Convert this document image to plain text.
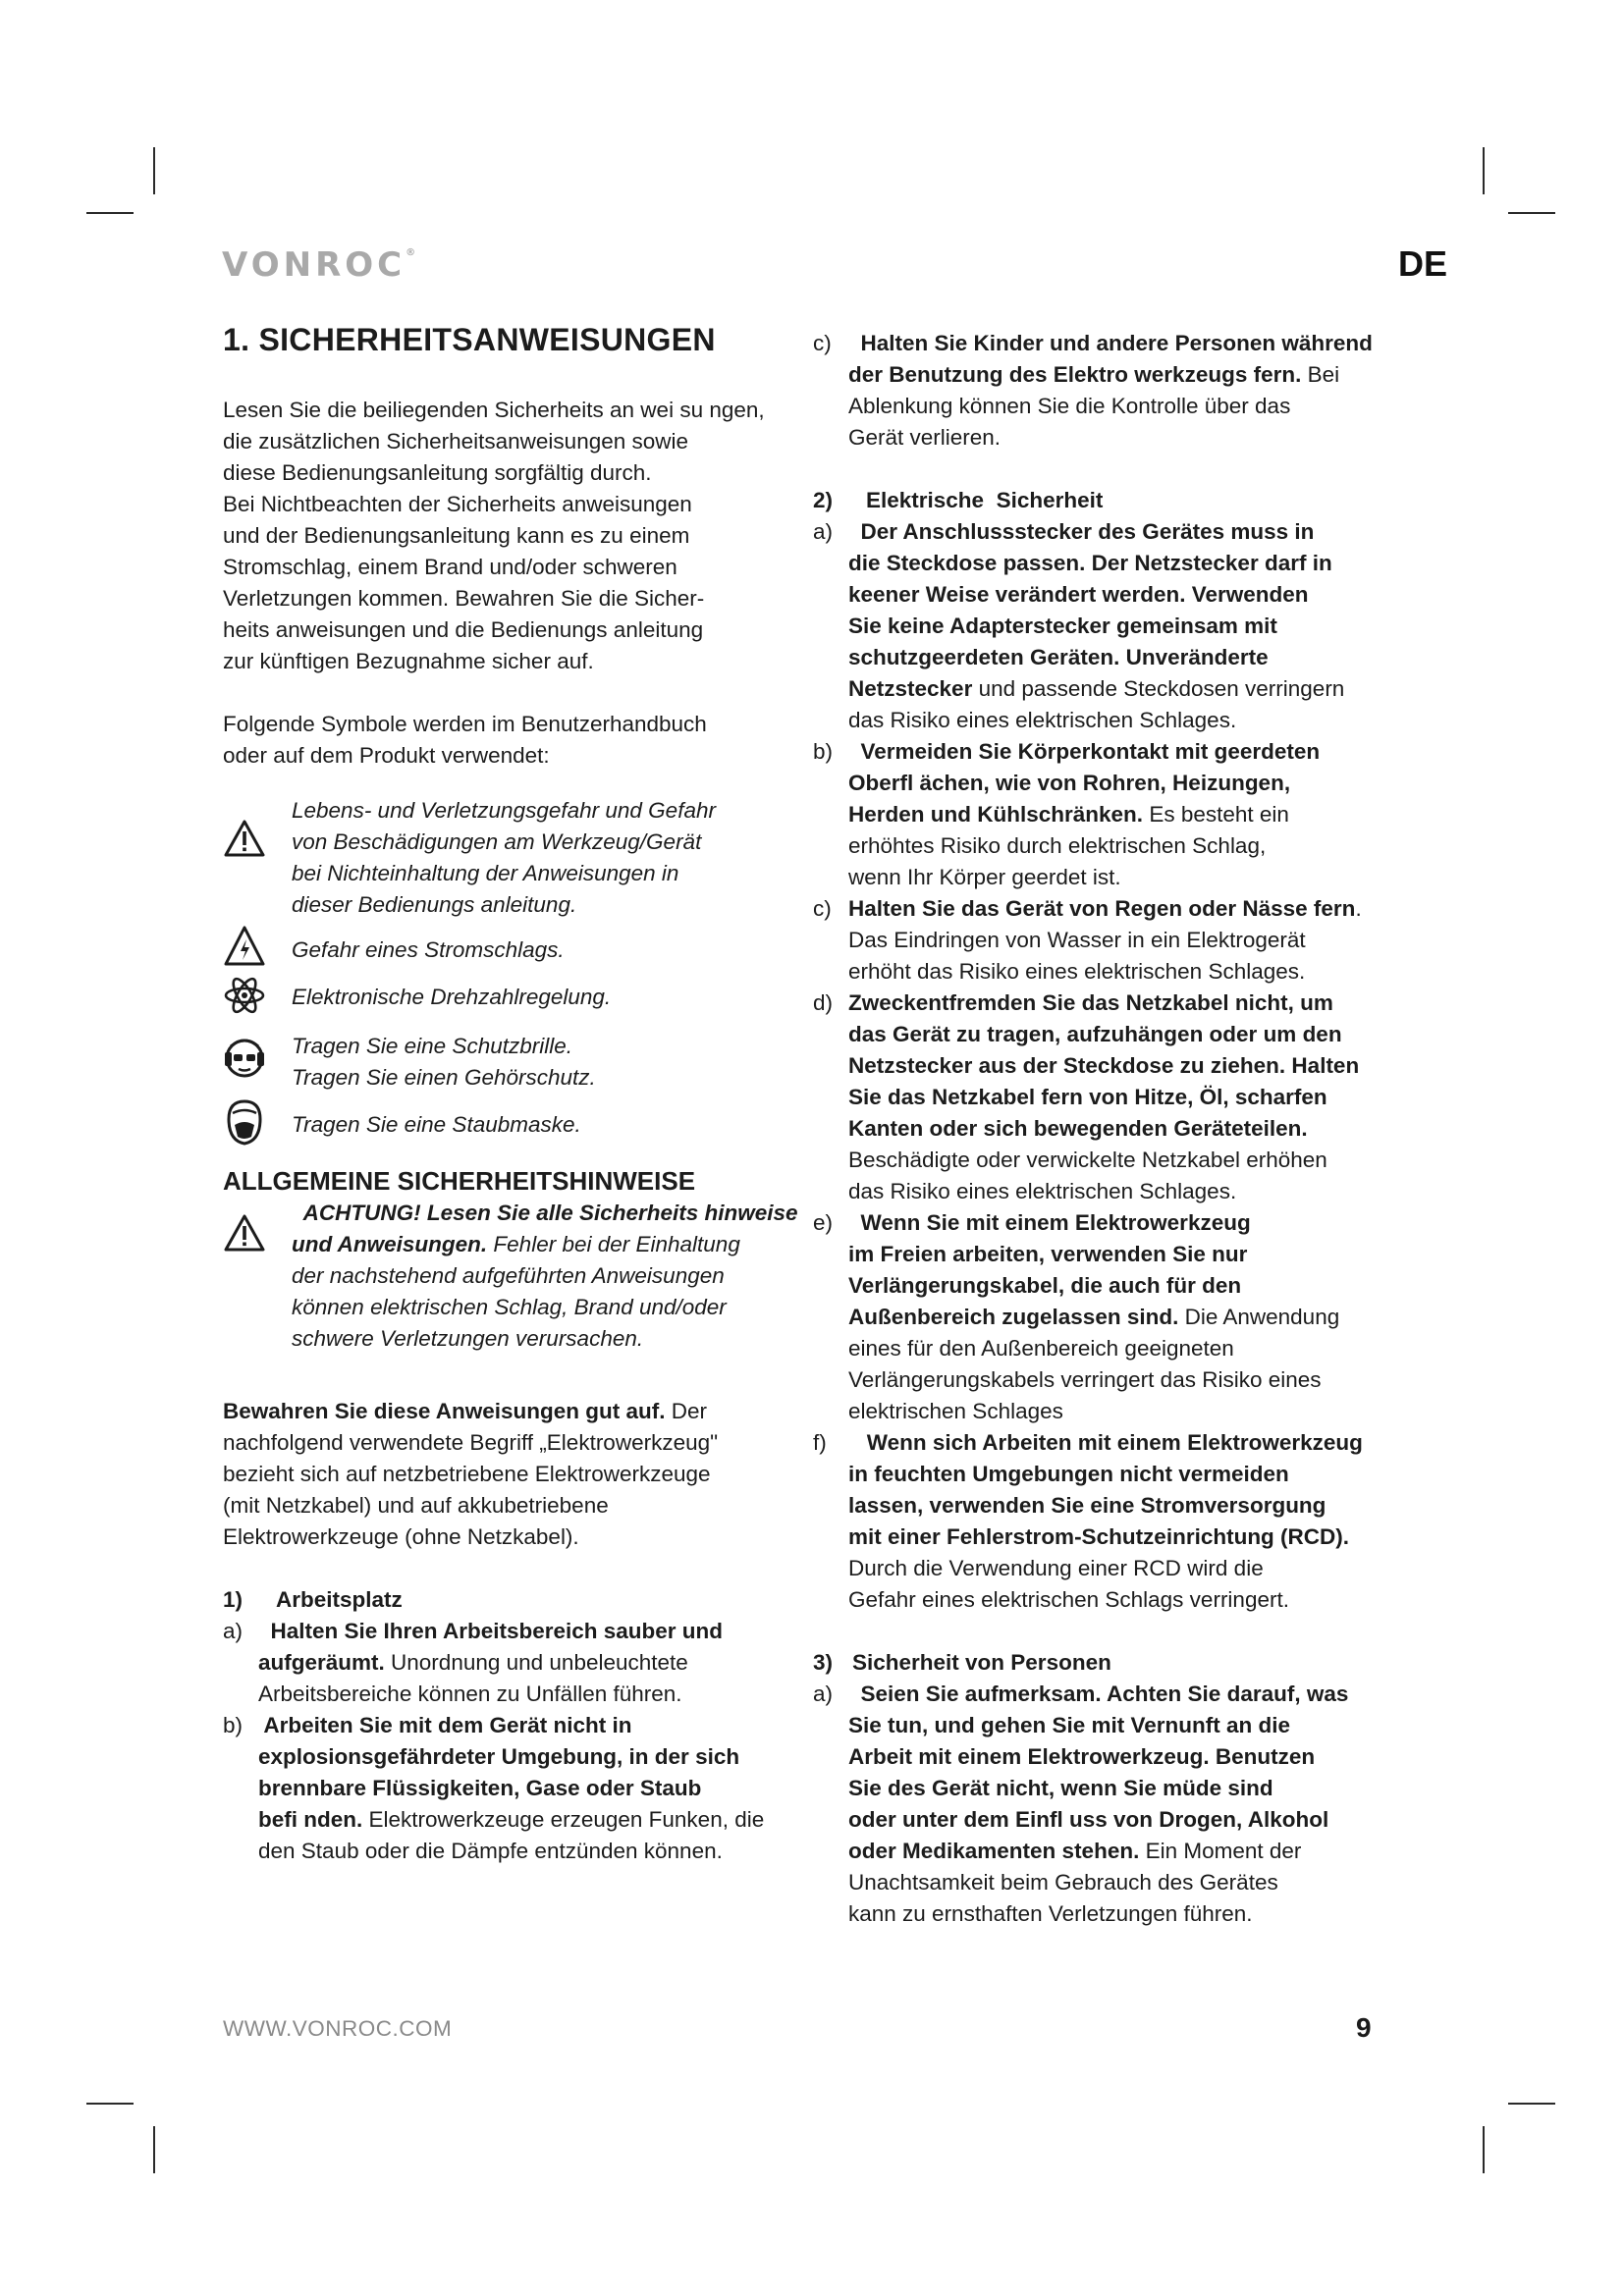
VONROC®	DE
1. SICHERHEITSANWEISUNGEN

Lesen Sie die beiliegenden Sicherheits an wei su ngen,

die zusätzlichen Sicherheitsanweisungen sowie

diese Bedienungsanleitung sorgfältig durch.

Bei Nichtbeachten der Sicherheits anweisungen

und der Bedienungsanleitung kann es zu einem

Stromschlag, einem Brand und/oder schweren

Verletzungen kommen. Bewahren Sie die Sicher-

heits anweisungen und die Bedienungs anleitung

zur künftigen Bezugnahme sicher auf.

Folgende Symbole werden im Benutzerhandbuch

oder auf dem Produkt verwendet:

Lebens- und Verletzungsgefahr und Gefahr

von Beschädigungen am Werkzeug/Gerät

bei Nichteinhaltung der Anweisungen in

dieser Bedienungs anleitung.

Gefahr eines Stromschlags.

Elektronische Drehzahlregelung.

Tragen Sie eine Schutzbrille.

Tragen Sie einen Gehörschutz.

Tragen Sie eine Staubmaske.

ALLGEMEINE SICHERHEITSHINWEISE

ACHTUNG! Lesen Sie alle Sicherheits hinweise

und Anweisungen. Fehler bei der Einhaltung

der nachstehend aufgeführten Anweisungen

können elektrischen Schlag, Brand und/oder

schwere Verletzungen verursachen.

Bewahren Sie diese Anweisungen gut auf. Der

nachfolgend verwendete Begriff „Elektrowerkzeug"

bezieht sich auf netzbetriebene Elektrowerkzeuge

(mit Netzkabel) und auf akkubetriebene

Elektrowerkzeuge (ohne Netzkabel).

1)	Arbeitsplatz
a) Halten Sie Ihren Arbeitsbereich sauber und

aufgeräumt. Unordnung und unbeleuchtete

Arbeitsbereiche können zu Unfällen führen.

b) Arbeiten Sie mit dem Gerät nicht in

explosionsgefährdeter Umgebung, in der sich

brennbare Flüssigkeiten, Gase oder Staub

befi nden. Elektrowerkzeuge erzeugen Funken, die

den Staub oder die Dämpfe entzünden können.

c) Halten Sie Kinder und andere Personen während

der Benutzung des Elektro werkzeugs fern. Bei

Ablenkung können Sie die Kontrolle über das

Gerät verlieren.

2)	Elektrische  Sicherheit
a) Der Anschlussstecker des Gerätes muss in

die Steckdose passen. Der Netzstecker darf in

keener Weise verändert werden. Verwenden

Sie keine Adapterstecker gemeinsam mit

schutzgeerdeten Geräten. Unveränderte

Netzstecker und passende Steckdosen verringern

das Risiko eines elektrischen Schlages.

b) Vermeiden Sie Körperkontakt mit geerdeten

Oberfl ächen, wie von Rohren, Heizungen,

Herden und Kühlschränken. Es besteht ein

erhöhtes Risiko durch elektrischen Schlag,

wenn Ihr Körper geerdet ist.

c) Halten Sie das Gerät von Regen oder Nässe fern.

Das Eindringen von Wasser in ein Elektrogerät

erhöht das Risiko eines elektrischen Schlages.

d) Zweckentfremden Sie das Netzkabel nicht, um

das Gerät zu tragen, aufzuhängen oder um den

Netzstecker aus der Steckdose zu ziehen. Halten

Sie das Netzkabel fern von Hitze, Öl, scharfen

Kanten oder sich bewegenden Geräteteilen.

Beschädigte oder verwickelte Netzkabel erhöhen

das Risiko eines elektrischen Schlages.

e) Wenn Sie mit einem Elektrowerkzeug

im Freien arbeiten, verwenden Sie nur

Verlängerungskabel, die auch für den

Außenbereich zugelassen sind. Die Anwendung

eines für den Außenbereich geeigneten

Verlängerungskabels verringert das Risiko eines

elektrischen Schlages

f) Wenn sich Arbeiten mit einem Elektrowerkzeug

in feuchten Umgebungen nicht vermeiden

lassen, verwenden Sie eine Stromversorgung

mit einer Fehlerstrom-Schutzeinrichtung (RCD).

Durch die Verwendung einer RCD wird die

Gefahr eines elektrischen Schlags verringert.

3) Sicherheit von Personen
a) Seien Sie aufmerksam. Achten Sie darauf, was

Sie tun, und gehen Sie mit Vernunft an die

Arbeit mit einem Elektrowerkzeug. Benutzen

Sie des Gerät nicht, wenn Sie müde sind

oder unter dem Einfl uss von Drogen, Alkohol

oder Medikamenten stehen. Ein Moment der

Unachtsamkeit beim Gebrauch des Gerätes

kann zu ernsthaften Verletzungen führen.

WWW.VONROC.COM	9
